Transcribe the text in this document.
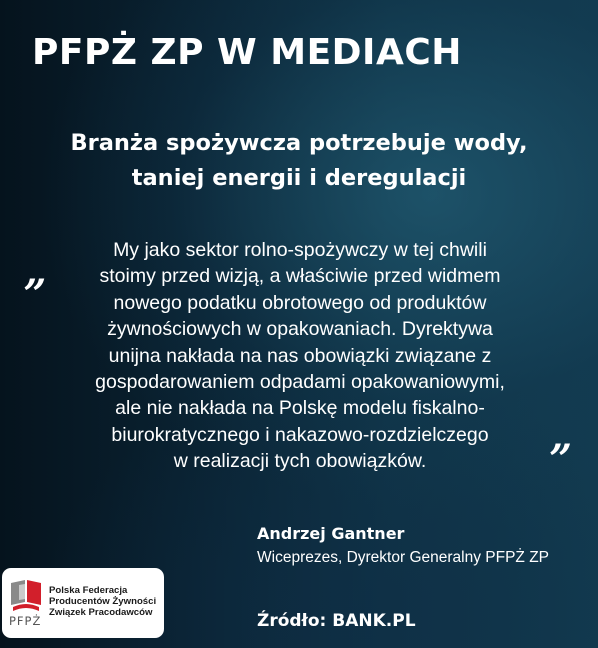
PFPŻ ZP W MEDIACH
Branża spożywcza potrzebuje wody,
taniej energii i deregulacji
„	My jako sektor rolno-spożywczy w tej chwili
stoimy przed wizją, a właściwie przed widmem
nowego podatku obrotowego od produktów
żywnościowych w opakowaniach. Dyrektywa
unijna nakłada na nas obowiązki związane z
gospodarowaniem odpadami opakowaniowymi,
ale nie nakłada na Polskę modelu fiskalno-
biurokratycznego i nakazowo-rozdzielczego
w realizacji tych obowiązków.	”
Andrzej Gantner
Wiceprezes, Dyrektor Generalny PFPŻ ZP
Źródło: BANK.PL
PFPŻ
Polska Federacja
Producentów Żywności
Związek Pracodawców
